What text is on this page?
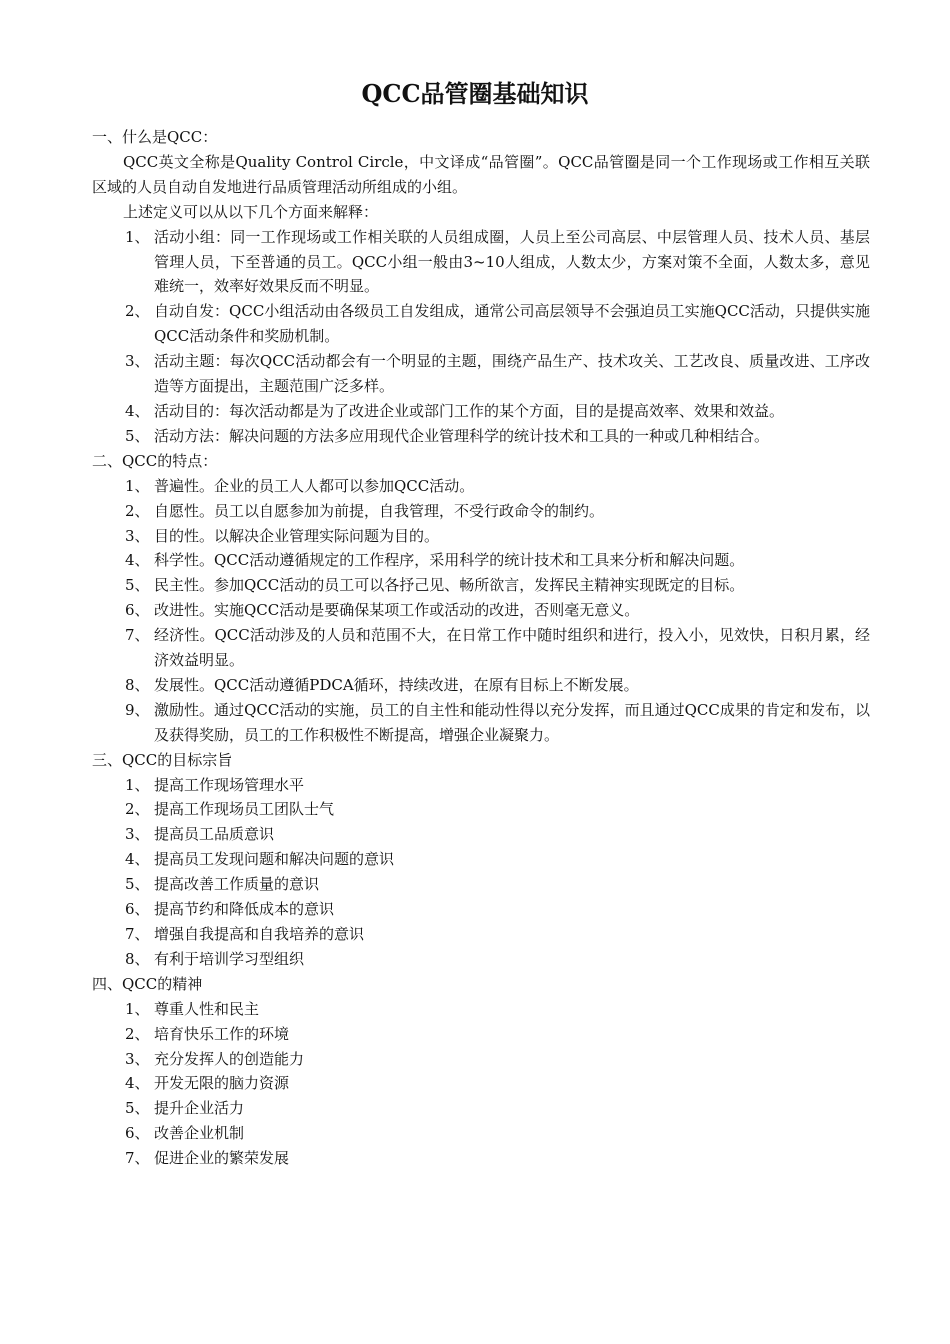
QCC品管圈基础知识

一、什么是QCC：

QCC英文全称是Quality Control Circle，中文译成“品管圈”。QCC品管圈是同一个工作现场或工作相互关联区域的人员自动自发地进行品质管理活动所组成的小组。

上述定义可以从以下几个方面来解释：

1、 活动小组：同一工作现场或工作相关联的人员组成圈，人员上至公司高层、中层管理人员、技术人员、基层管理人员，下至普通的员工。QCC小组一般由3~10人组成，人数太少，方案对策不全面，人数太多，意见难统一，效率好效果反而不明显。
2、 自动自发：QCC小组活动由各级员工自发组成，通常公司高层领导不会强迫员工实施QCC活动，只提供实施QCC活动条件和奖励机制。
3、 活动主题：每次QCC活动都会有一个明显的主题，围绕产品生产、技术攻关、工艺改良、质量改进、工序改造等方面提出，主题范围广泛多样。
4、 活动目的：每次活动都是为了改进企业或部门工作的某个方面，目的是提高效率、效果和效益。
5、 活动方法：解决问题的方法多应用现代企业管理科学的统计技术和工具的一种或几种相结合。

二、QCC的特点：

1、 普遍性。企业的员工人人都可以参加QCC活动。
2、 自愿性。员工以自愿参加为前提，自我管理，不受行政命令的制约。
3、 目的性。以解决企业管理实际问题为目的。
4、 科学性。QCC活动遵循规定的工作程序，采用科学的统计技术和工具来分析和解决问题。
5、 民主性。参加QCC活动的员工可以各抒己见、畅所欲言，发挥民主精神实现既定的目标。
6、 改进性。实施QCC活动是要确保某项工作或活动的改进，否则毫无意义。
7、 经济性。QCC活动涉及的人员和范围不大，在日常工作中随时组织和进行，投入小，见效快，日积月累，经济效益明显。
8、 发展性。QCC活动遵循PDCA循环，持续改进，在原有目标上不断发展。
9、 激励性。通过QCC活动的实施，员工的自主性和能动性得以充分发挥，而且通过QCC成果的肯定和发布，以及获得奖励，员工的工作积极性不断提高，增强企业凝聚力。

三、QCC的目标宗旨

1、 提高工作现场管理水平
2、 提高工作现场员工团队士气
3、 提高员工品质意识
4、 提高员工发现问题和解决问题的意识
5、 提高改善工作质量的意识
6、 提高节约和降低成本的意识
7、 增强自我提高和自我培养的意识
8、 有利于培训学习型组织

四、QCC的精神

1、 尊重人性和民主
2、 培育快乐工作的环境
3、 充分发挥人的创造能力
4、 开发无限的脑力资源
5、 提升企业活力
6、 改善企业机制
7、 促进企业的繁荣发展
